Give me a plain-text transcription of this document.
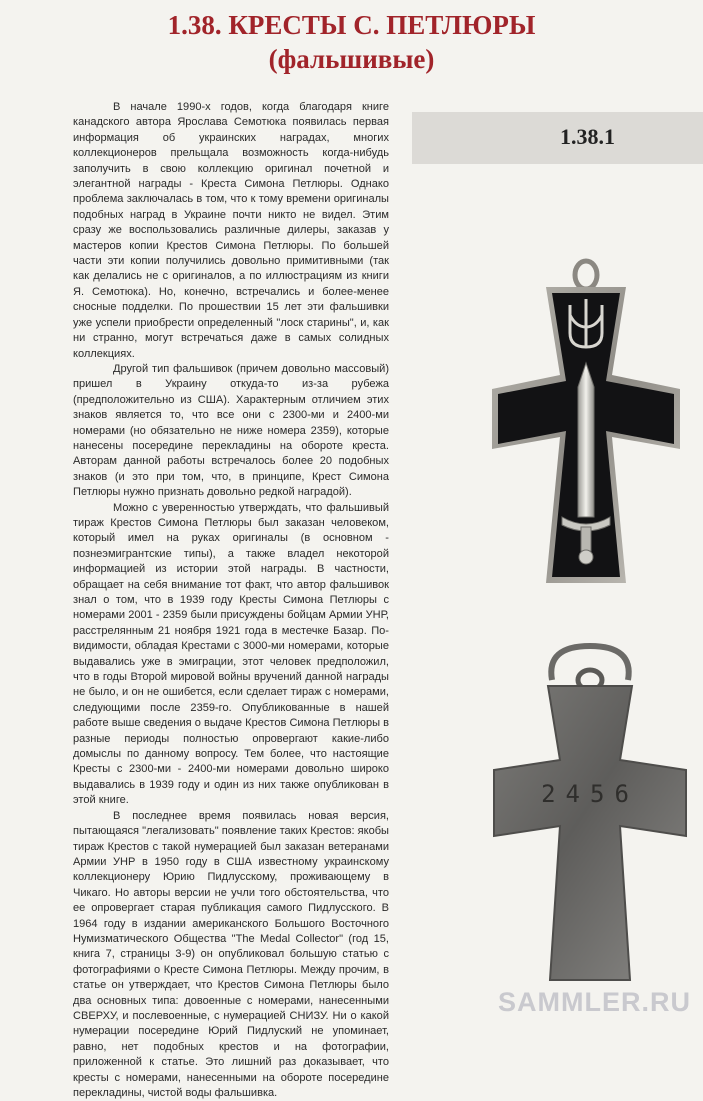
1.38. КРЕСТЫ С. ПЕТЛЮРЫ
(фальшивые)

В начале 1990-х годов, когда благодаря книге канадского автора Ярослава Семотюка появилась первая информация об украинских наградах, многих коллекционеров прельщала возможность когда-нибудь заполучить в свою коллекцию оригинал почетной и элегантной награды - Креста Симона Петлюры. Однако проблема заключалась в том, что к тому времени оригиналы подобных наград в Украине почти никто не видел. Этим сразу же воспользовались различные дилеры, заказав у мастеров копии Крестов Симона Петлюры. По большей части эти копии получились довольно примитивными (так как делались не с оригиналов, а по иллюстрациям из книги Я. Семотюка). Но, конечно, встречались и более-менее сносные подделки. По прошествии 15 лет эти фальшивки уже успели приобрести определенный "лоск старины", и, как ни странно, могут встречаться даже в самых солидных коллекциях.

Другой тип фальшивок (причем довольно массовый) пришел в Украину откуда-то из-за рубежа (предположительно из США). Характерным отличием этих знаков является то, что все они с 2300-ми и 2400-ми номерами (но обязательно не ниже номера 2359), которые нанесены посередине перекладины на обороте креста. Авторам данной работы встречалось более 20 подобных знаков (и это при том, что, в принципе, Крест Симона Петлюры нужно признать довольно редкой наградой).

Можно с уверенностью утверждать, что фальшивый тираж Крестов Симона Петлюры был заказан человеком, который имел на руках оригиналы (в основном - познеэмигрантские типы), а также владел некоторой информацией из истории этой награды. В частности, обращает на себя внимание тот факт, что автор фальшивок знал о том, что в 1939 году Кресты Симона Петлюры с номерами 2001 - 2359 были присуждены бойцам Армии УНР, расстрелянным 21 ноября 1921 года в местечке Базар. По-видимости, обладая Крестами с 3000-ми номерами, которые выдавались уже в эмиграции, этот человек предположил, что в годы Второй мировой войны вручений данной награды не было, и он не ошибется, если сделает тираж с номерами, следующими после 2359-го. Опубликованные в нашей работе выше сведения о выдаче Крестов Симона Петлюры в разные периоды полностью опровергают какие-либо домыслы по данному вопросу. Тем более, что настоящие Кресты с 2300-ми - 2400-ми номерами довольно широко выдавались в 1939 году и один из них также опубликован в этой книге.

В последнее время появилась новая версия, пытающаяся "легализовать" появление таких Крестов: якобы тираж Крестов с такой нумерацией был заказан ветеранами Армии УНР в 1950 году в США известному украинскому коллекционеру Юрию Пидлусскому, проживающему в Чикаго. Но авторы версии не учли того обстоятельства, что ее опровергает старая публикация самого Пидлусского. В 1964 году в издании американского Большого Восточного Нумизматического Общества "The Medal Collector" (год 15, книга 7, страницы 3-9) он опубликовал большую статью с фотографиями о Кресте Симона Петлюры. Между прочим, в статье он утверждает, что Крестов Симона Петлюры было два основных типа: довоенные с номерами, нанесенными СВЕРХУ, и послевоенные, с нумерацией СНИЗУ. Ни о какой нумерации посередине Юрий Пидлуский не упоминает, равно, нет подобных крестов и на фотографии, приложенной к статье. Это лишний раз доказывает, что кресты с номерами, нанесенными на обороте посередине перекладины, чистой воды фальшивка.

1.38.1
2456
SAMMLER.RU
